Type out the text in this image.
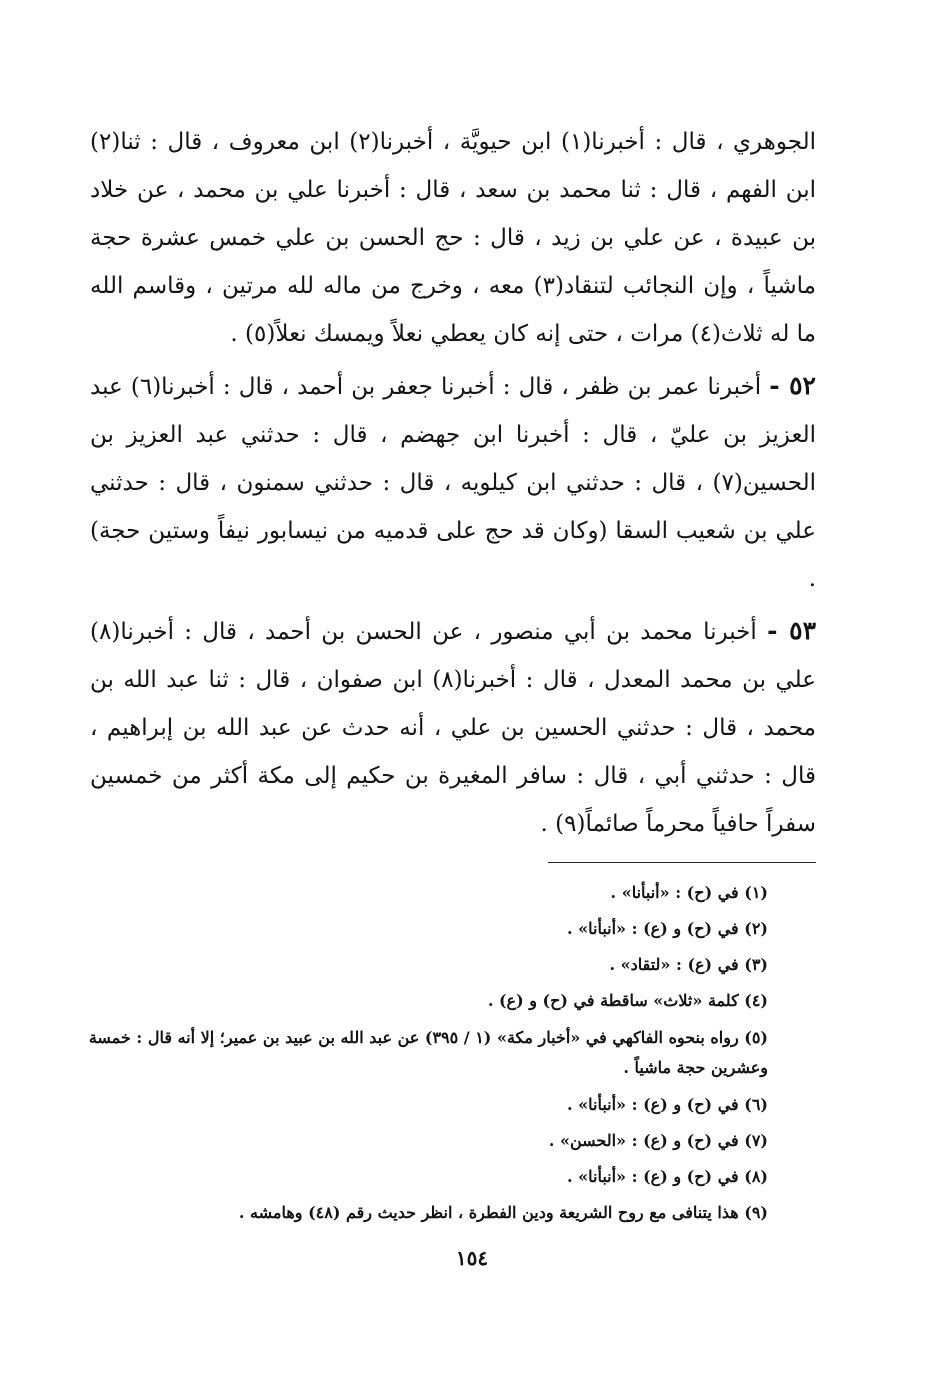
الجوهري ، قال : أخبرنا(١) ابن حيويَّة ، أخبرنا(٢) ابن معروف ، قال : ثنا(٢) ابن الفهم ، قال : ثنا محمد بن سعد ، قال : أخبرنا علي بن محمد ، عن خلاد بن عبيدة ، عن علي بن زيد ، قال : حج الحسن بن علي خمس عشرة حجة ماشياً ، وإن النجائب لتنقاد(٣) معه ، وخرج من ماله لله مرتين ، وقاسم الله ما له ثلاث(٤) مرات ، حتى إنه كان يعطي نعلاً ويمسك نعلاً(٥) .

٥٢ - أخبرنا عمر بن ظفر ، قال : أخبرنا جعفر بن أحمد ، قال : أخبرنا(٦) عبد العزيز بن عليّ ، قال : أخبرنا ابن جهضم ، قال : حدثني عبد العزيز بن الحسين(٧) ، قال : حدثني ابن كيلويه ، قال : حدثني سمنون ، قال : حدثني علي بن شعيب السقا (وكان قد حج على قدميه من نيسابور نيفاً وستين حجة) .

٥٣ - أخبرنا محمد بن أبي منصور ، عن الحسن بن أحمد ، قال : أخبرنا(٨) علي بن محمد المعدل ، قال : أخبرنا(٨) ابن صفوان ، قال : ثنا عبد الله بن محمد ، قال : حدثني الحسين بن علي ، أنه حدث عن عبد الله بن إبراهيم ، قال : حدثني أبي ، قال : سافر المغيرة بن حكيم إلى مكة أكثر من خمسين سفراً حافياً محرماً صائماً(٩) .

(١) في (ح) : «أنبأنا» .

(٢) في (ح) و (ع) : «أنبأنا» .

(٣) في (ع) : «لتقاد» .

(٤) كلمة «ثلاث» ساقطة في (ح) و (ع) .

(٥) رواه بنحوه الفاكهي في «أخبار مكة» (١ / ٣٩٥) عن عبد الله بن عبيد بن عمير؛ إلا أنه قال : خمسة وعشرين حجة ماشياً .

(٦) في (ح) و (ع) : «أنبأنا» .

(٧) في (ح) و (ع) : «الحسن» .

(٨) في (ح) و (ع) : «أنبأنا» .

(٩) هذا يتنافى مع روح الشريعة ودين الفطرة ، انظر حديث رقم (٤٨) وهامشه .

١٥٤
